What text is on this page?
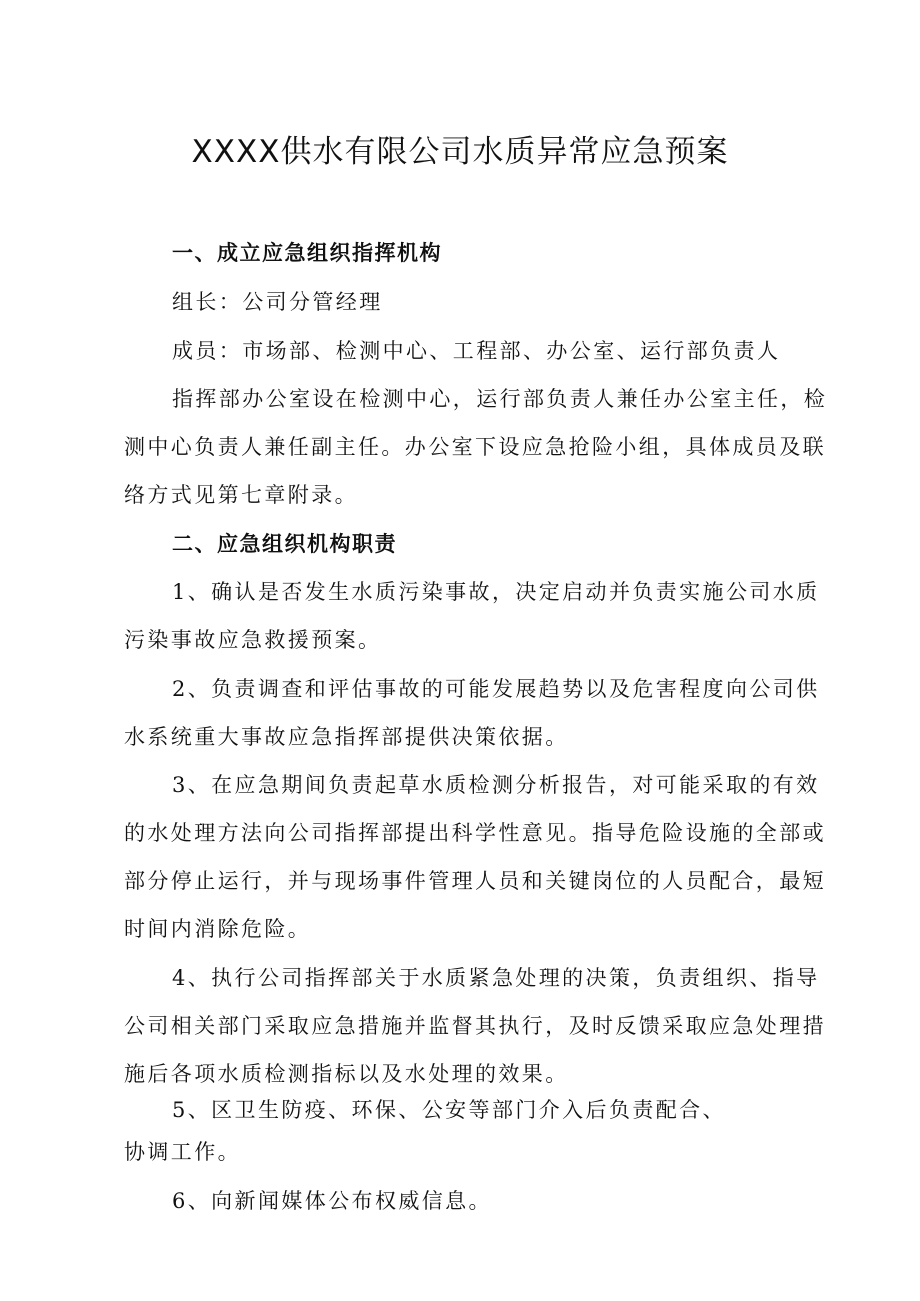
XXXX供水有限公司水质异常应急预案
一、成立应急组织指挥机构
组长：公司分管经理
成员：市场部、检测中心、工程部、办公室、运行部负责人
指挥部办公室设在检测中心，运行部负责人兼任办公室主任，检
测中心负责人兼任副主任。办公室下设应急抢险小组，具体成员及联
络方式见第七章附录。
二、应急组织机构职责
1、确认是否发生水质污染事故，决定启动并负责实施公司水质
污染事故应急救援预案。
2、负责调查和评估事故的可能发展趋势以及危害程度向公司供
水系统重大事故应急指挥部提供决策依据。
3、在应急期间负责起草水质检测分析报告，对可能采取的有效
的水处理方法向公司指挥部提出科学性意见。指导危险设施的全部或
部分停止运行，并与现场事件管理人员和关键岗位的人员配合，最短
时间内消除危险。
4、执行公司指挥部关于水质紧急处理的决策，负责组织、指导
公司相关部门采取应急措施并监督其执行，及时反馈采取应急处理措
施后各项水质检测指标以及水处理的效果。
5、区卫生防疫、环保、公安等部门介入后负责配合、
协调工作。
6、向新闻媒体公布权威信息。
